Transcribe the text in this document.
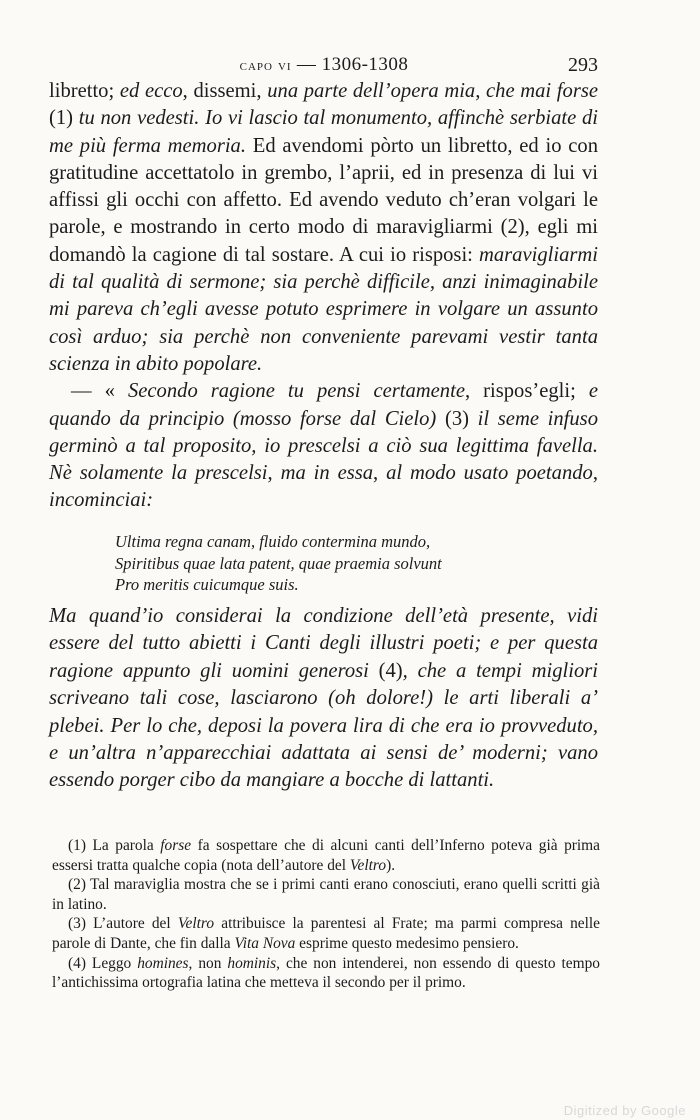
capo vi — 1306-1308	293

libretto; ed ecco, dissemi, una parte dell’opera mia, che mai forse (1) tu non vedesti. Io vi lascio tal monumento, affinchè serbiate di me più ferma memoria. Ed avendomi pòrto un libretto, ed io con gratitudine accettatolo in grembo, l’aprii, ed in presenza di lui vi affissi gli occhi con affetto. Ed avendo veduto ch’eran volgari le parole, e mostrando in certo modo di maravigliarmi (2), egli mi domandò la cagione di tal sostare. A cui io risposi: maravigliarmi di tal qualità di sermone; sia perchè difficile, anzi inimaginabile mi pareva ch’egli avesse potuto esprimere in volgare un assunto così arduo; sia perchè non conveniente parevami vestir tanta scienza in abito popolare.

— « Secondo ragione tu pensi certamente, rispos’egli; e quando da principio (mosso forse dal Cielo) (3) il seme infuso germinò a tal proposito, io prescelsi a ciò sua legittima favella. Nè solamente la prescelsi, ma in essa, al modo usato poetando, incominciai:

Ultima regna canam, fluido contermina mundo,
Spiritibus quae lata patent, quae praemia solvunt
Pro meritis cuicumque suis.

Ma quand’io considerai la condizione dell’età presente, vidi essere del tutto abietti i Canti degli illustri poeti; e per questa ragione appunto gli uomini generosi (4), che a tempi migliori scriveano tali cose, lasciarono (oh dolore!) le arti liberali a’ plebei. Per lo che, deposi la povera lira di che era io provveduto, e un’altra n’apparecchiai adattata ai sensi de’ moderni; vano essendo porger cibo da mangiare a bocche di lattanti.

(1) La parola forse fa sospettare che di alcuni canti dell’Inferno poteva già prima essersi tratta qualche copia (nota dell’autore del Veltro).

(2) Tal maraviglia mostra che se i primi canti erano conosciuti, erano quelli scritti già in latino.

(3) L’autore del Veltro attribuisce la parentesi al Frate; ma parmi compresa nelle parole di Dante, che fin dalla Vita Nova esprime questo medesimo pensiero.

(4) Leggo homines, non hominis, che non intenderei, non essendo di questo tempo l’antichissima ortografia latina che metteva il secondo per il primo.

Digitized by Google
